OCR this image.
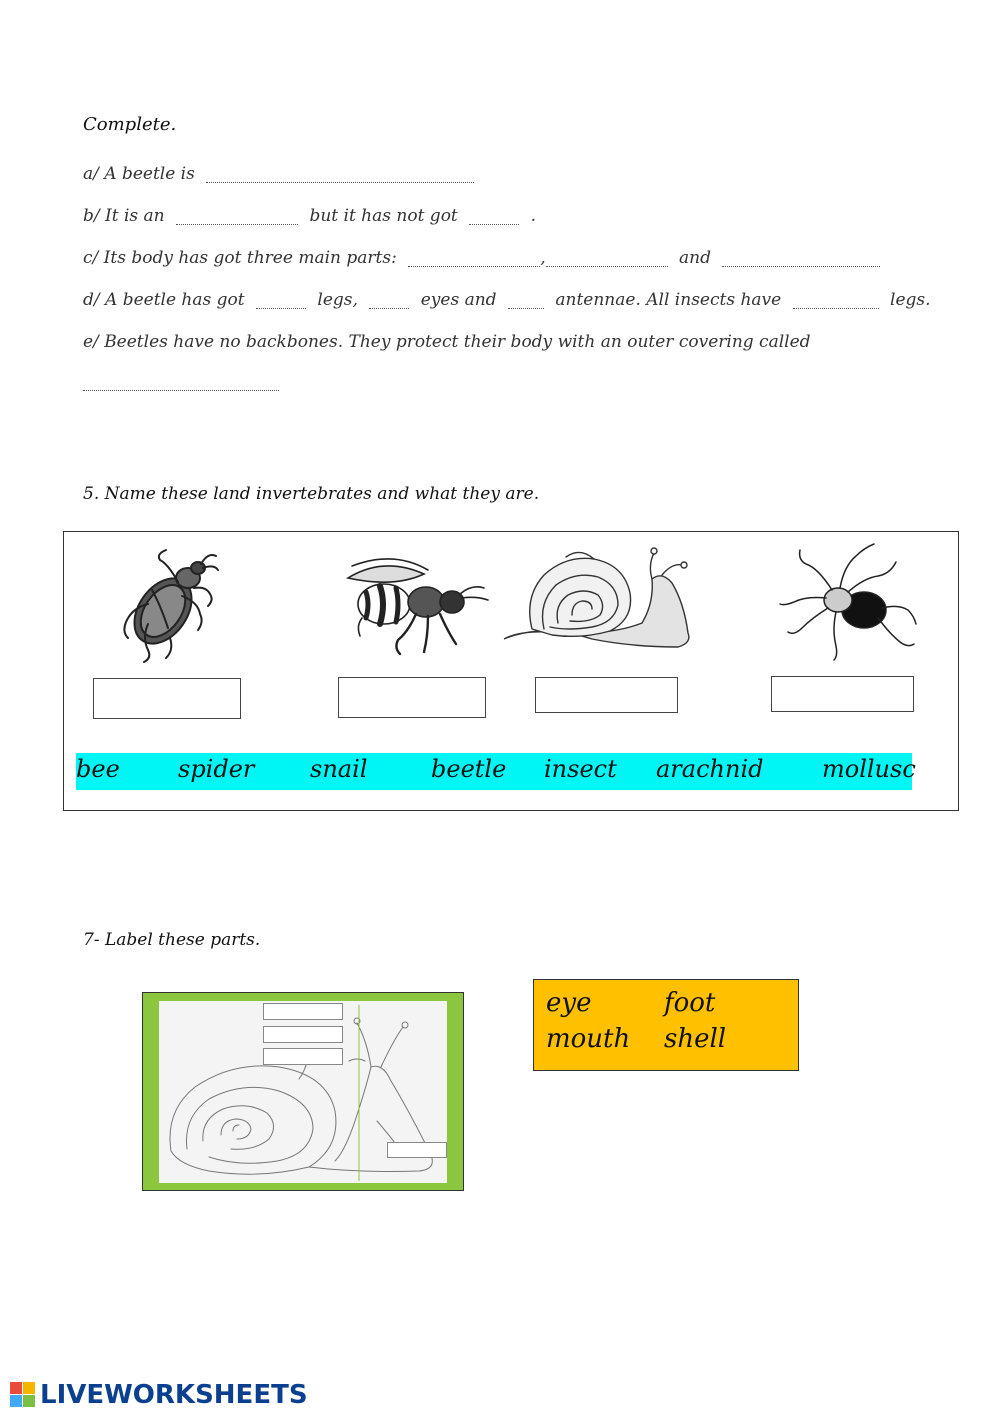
Complete.
a/ A beetle is
b/ It is an	but it has not got	.
c/ Its body has got three main parts:	,	and
d/ A beetle has got	legs,	eyes and	antennae. All insects have	legs.
e/ Beetles have no backbones. They protect their body with an outer covering called
5. Name these land invertebrates and what they are.
bee spider snail	beetle insect arachnid mollusc
7- Label these parts.
eye	foot
mouth shell
LIVEWORKSHEETS
